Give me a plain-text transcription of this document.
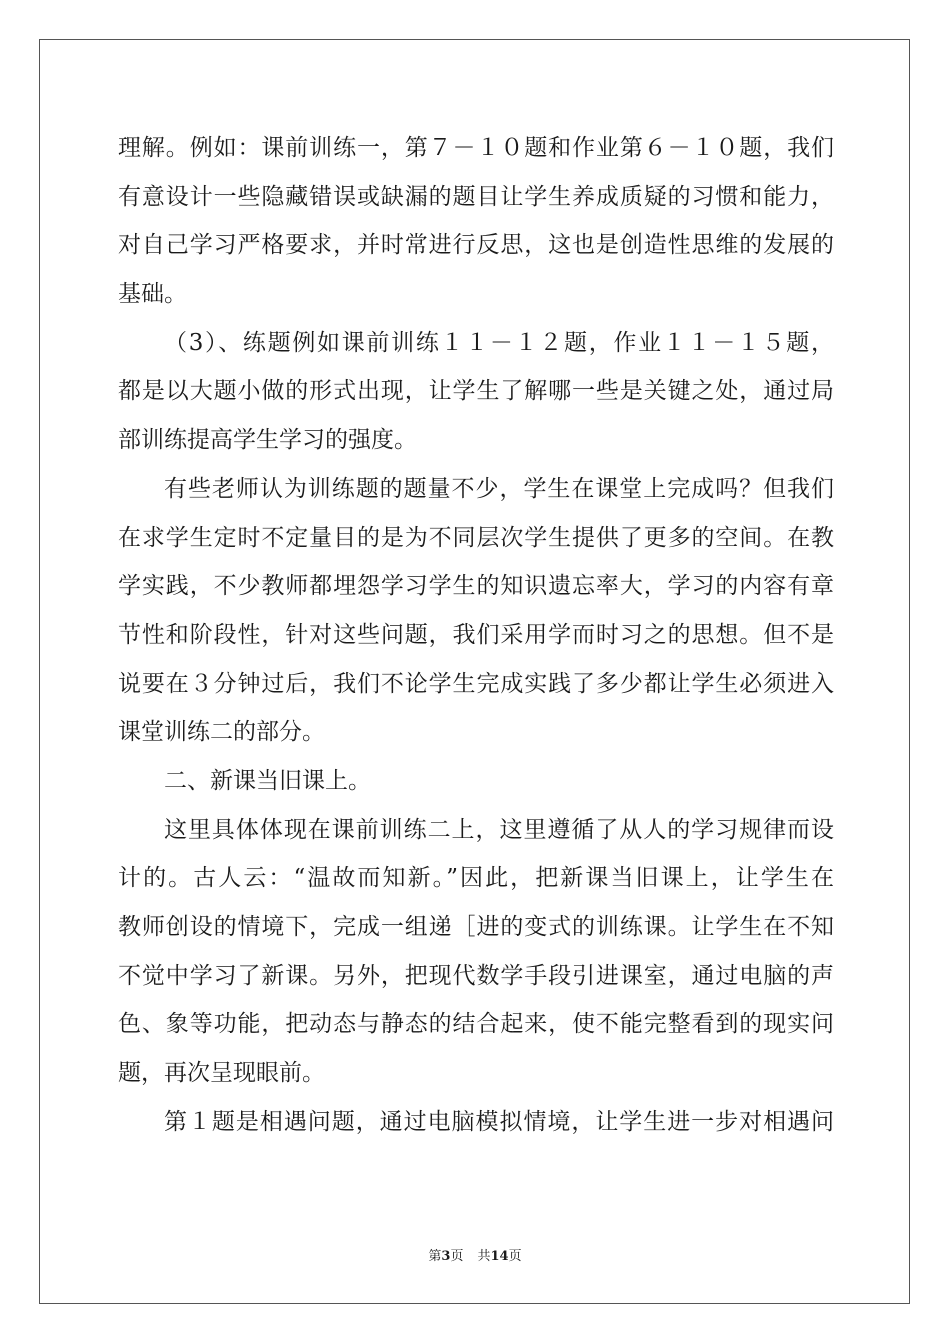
理解。例如：课前训练一，第７－１０题和作业第６－１０题，我们
有意设计一些隐藏错误或缺漏的题目让学生养成质疑的习惯和能力，
对自己学习严格要求，并时常进行反思，这也是创造性思维的发展的
基础。
（3）、练题例如课前训练１１－１２题，作业１１－１５题，
都是以大题小做的形式出现，让学生了解哪一些是关键之处，通过局
部训练提高学生学习的强度。
有些老师认为训练题的题量不少，学生在课堂上完成吗？但我们
在求学生定时不定量目的是为不同层次学生提供了更多的空间。在教
学实践，不少教师都埋怨学习学生的知识遗忘率大，学习的内容有章
节性和阶段性，针对这些问题，我们采用学而时习之的思想。但不是
说要在３分钟过后，我们不论学生完成实践了多少都让学生必须进入
课堂训练二的部分。
二、新课当旧课上。
这里具体体现在课前训练二上，这里遵循了从人的学习规律而设
计的。古人云：“温故而知新。”因此，把新课当旧课上，让学生在
教师创设的情境下，完成一组递［进的变式的训练课。让学生在不知
不觉中学习了新课。另外，把现代数学手段引进课室，通过电脑的声
色、象等功能，把动态与静态的结合起来，使不能完整看到的现实问
题，再次呈现眼前。
第１题是相遇问题，通过电脑模拟情境，让学生进一步对相遇问
第3页 共14页
